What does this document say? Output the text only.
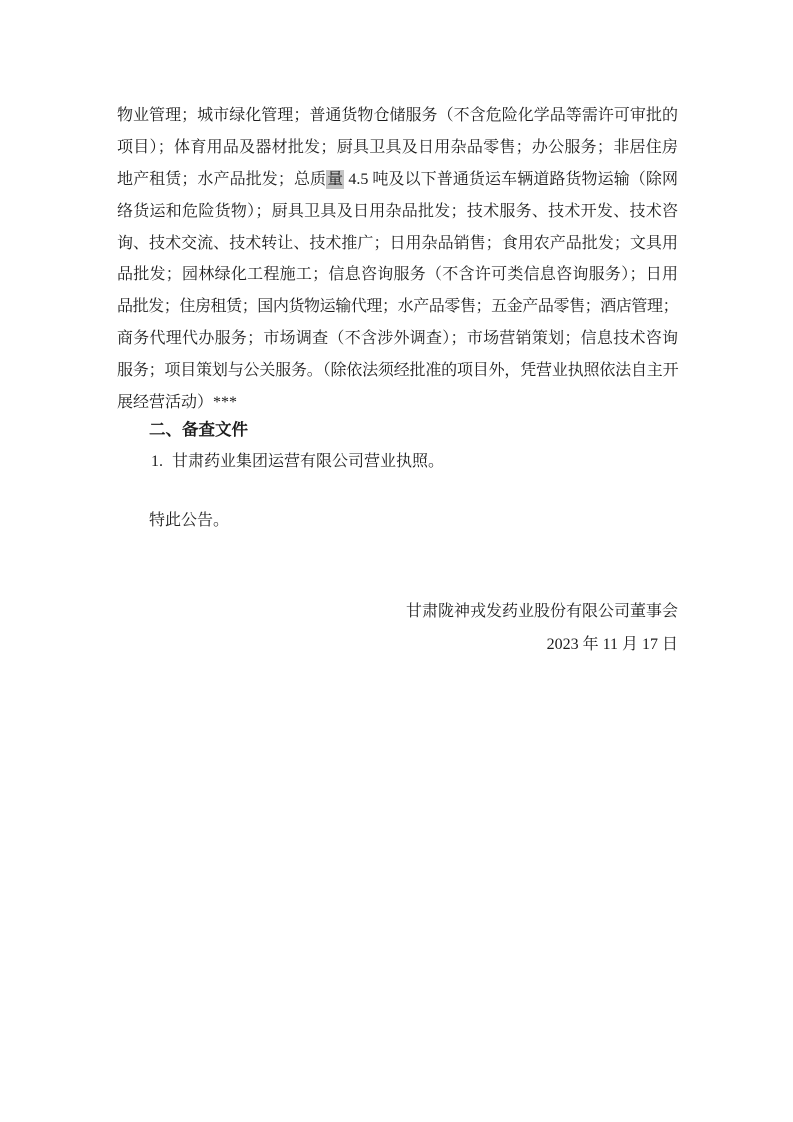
物业管理；城市绿化管理；普通货物仓储服务（不含危险化学品等需许可审批的
项目）；体育用品及器材批发；厨具卫具及日用杂品零售；办公服务；非居住房
地产租赁；水产品批发；总质量 4.5 吨及以下普通货运车辆道路货物运输（除网
络货运和危险货物）；厨具卫具及日用杂品批发；技术服务、技术开发、技术咨
询、技术交流、技术转让、技术推广；日用杂品销售；食用农产品批发；文具用
品批发；园林绿化工程施工；信息咨询服务（不含许可类信息咨询服务）；日用
品批发；住房租赁；国内货物运输代理；水产品零售；五金产品零售；酒店管理；
商务代理代办服务；市场调查（不含涉外调查）；市场营销策划；信息技术咨询
服务；项目策划与公关服务。（除依法须经批准的项目外，凭营业执照依法自主开
展经营活动）***
二、备查文件
1. 甘肃药业集团运营有限公司营业执照。
特此公告。
甘肃陇神戎发药业股份有限公司董事会
2023 年 11 月 17 日
